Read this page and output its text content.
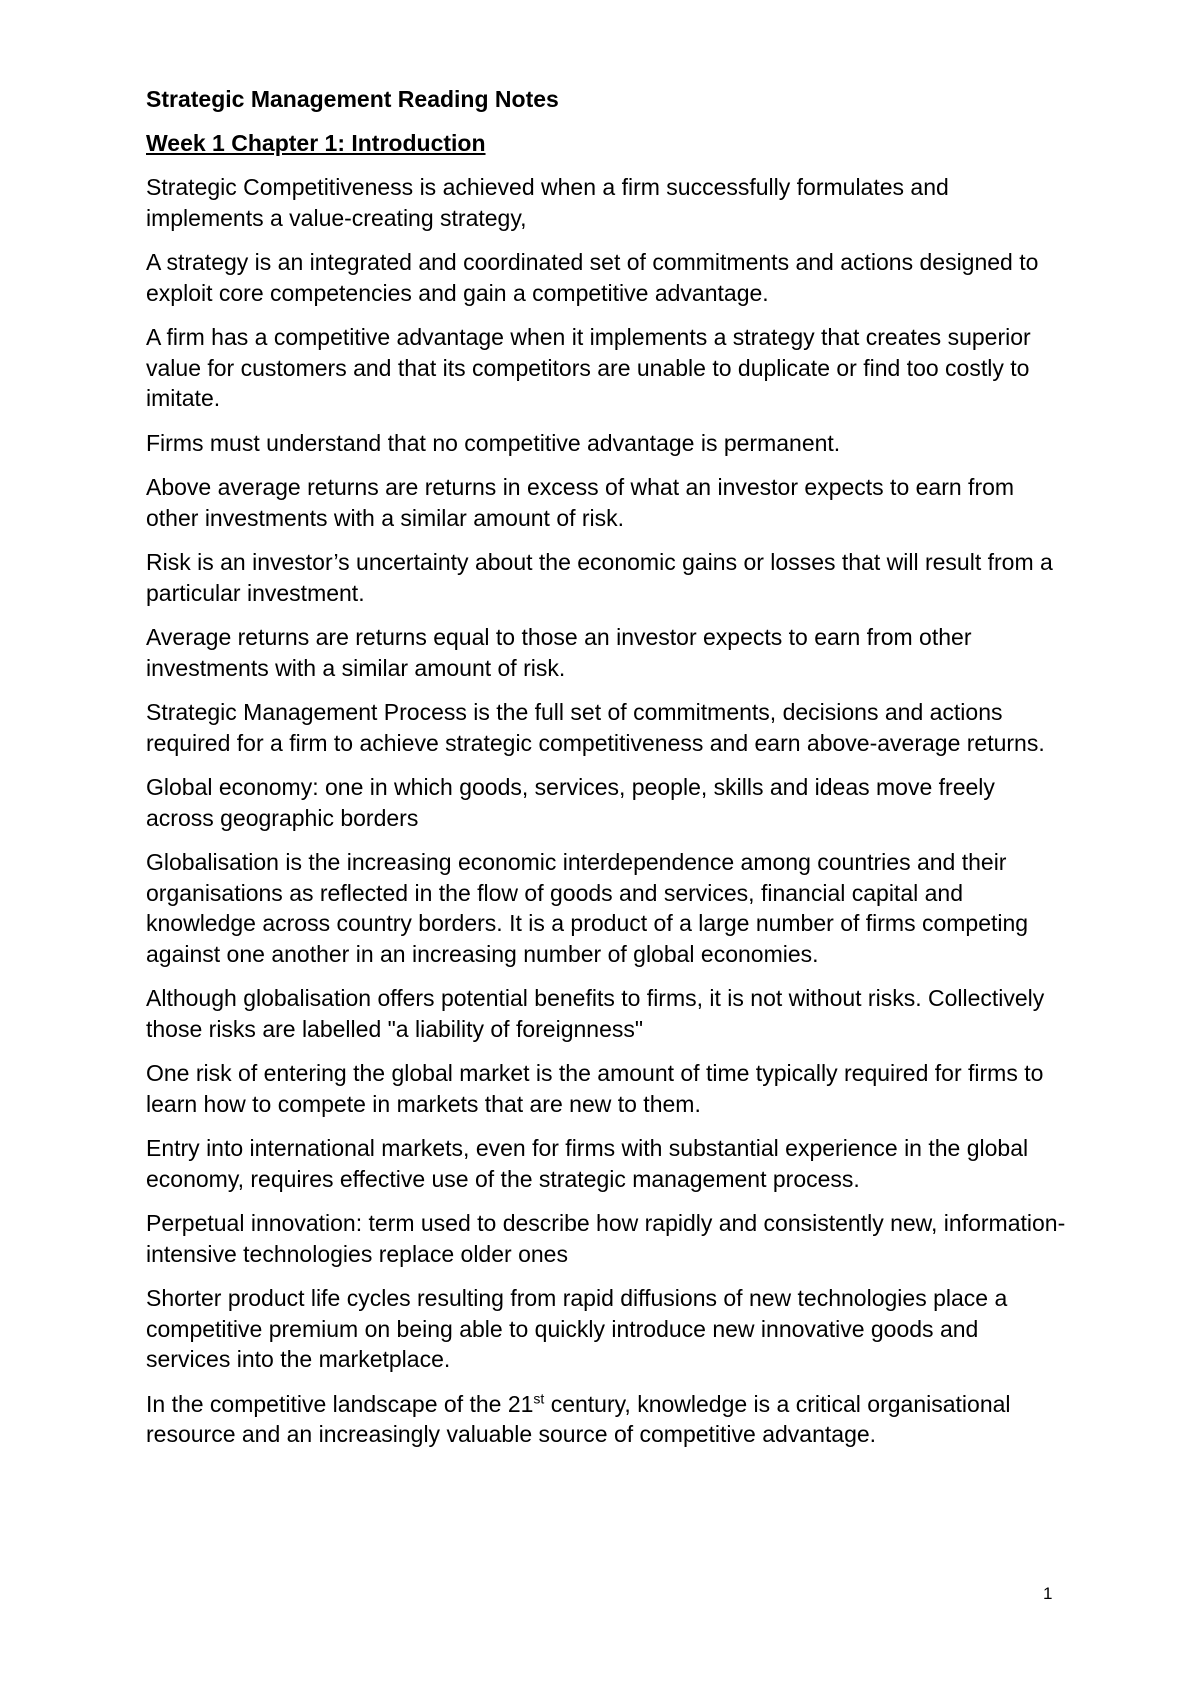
Strategic Management Reading Notes

Week 1 Chapter 1: Introduction

Strategic Competitiveness is achieved when a firm successfully formulates and implements a value-creating strategy,

A strategy is an integrated and coordinated set of commitments and actions designed to exploit core competencies and gain a competitive advantage.

A firm has a competitive advantage when it implements a strategy that creates superior value for customers and that its competitors are unable to duplicate or find too costly to imitate.

Firms must understand that no competitive advantage is permanent.

Above average returns are returns in excess of what an investor expects to earn from other investments with a similar amount of risk.

Risk is an investor’s uncertainty about the economic gains or losses that will result from a particular investment.

Average returns are returns equal to those an investor expects to earn from other investments with a similar amount of risk.

Strategic Management Process is the full set of commitments, decisions and actions required for a firm to achieve strategic competitiveness and earn above-average returns.

Global economy: one in which goods, services, people, skills and ideas move freely across geographic borders

Globalisation is the increasing economic interdependence among countries and their organisations as reflected in the flow of goods and services, financial capital and knowledge across country borders. It is a product of a large number of firms competing against one another in an increasing number of global economies.

Although globalisation offers potential benefits to firms, it is not without risks. Collectively those risks are labelled "a liability of foreignness"

One risk of entering the global market is the amount of time typically required for firms to learn how to compete in markets that are new to them.

Entry into international markets, even for firms with substantial experience in the global economy, requires effective use of the strategic management process.

Perpetual innovation: term used to describe how rapidly and consistently new, information-intensive technologies replace older ones

Shorter product life cycles resulting from rapid diffusions of new technologies place a competitive premium on being able to quickly introduce new innovative goods and services into the marketplace.

In the competitive landscape of the 21st century, knowledge is a critical organisational resource and an increasingly valuable source of competitive advantage.

1
